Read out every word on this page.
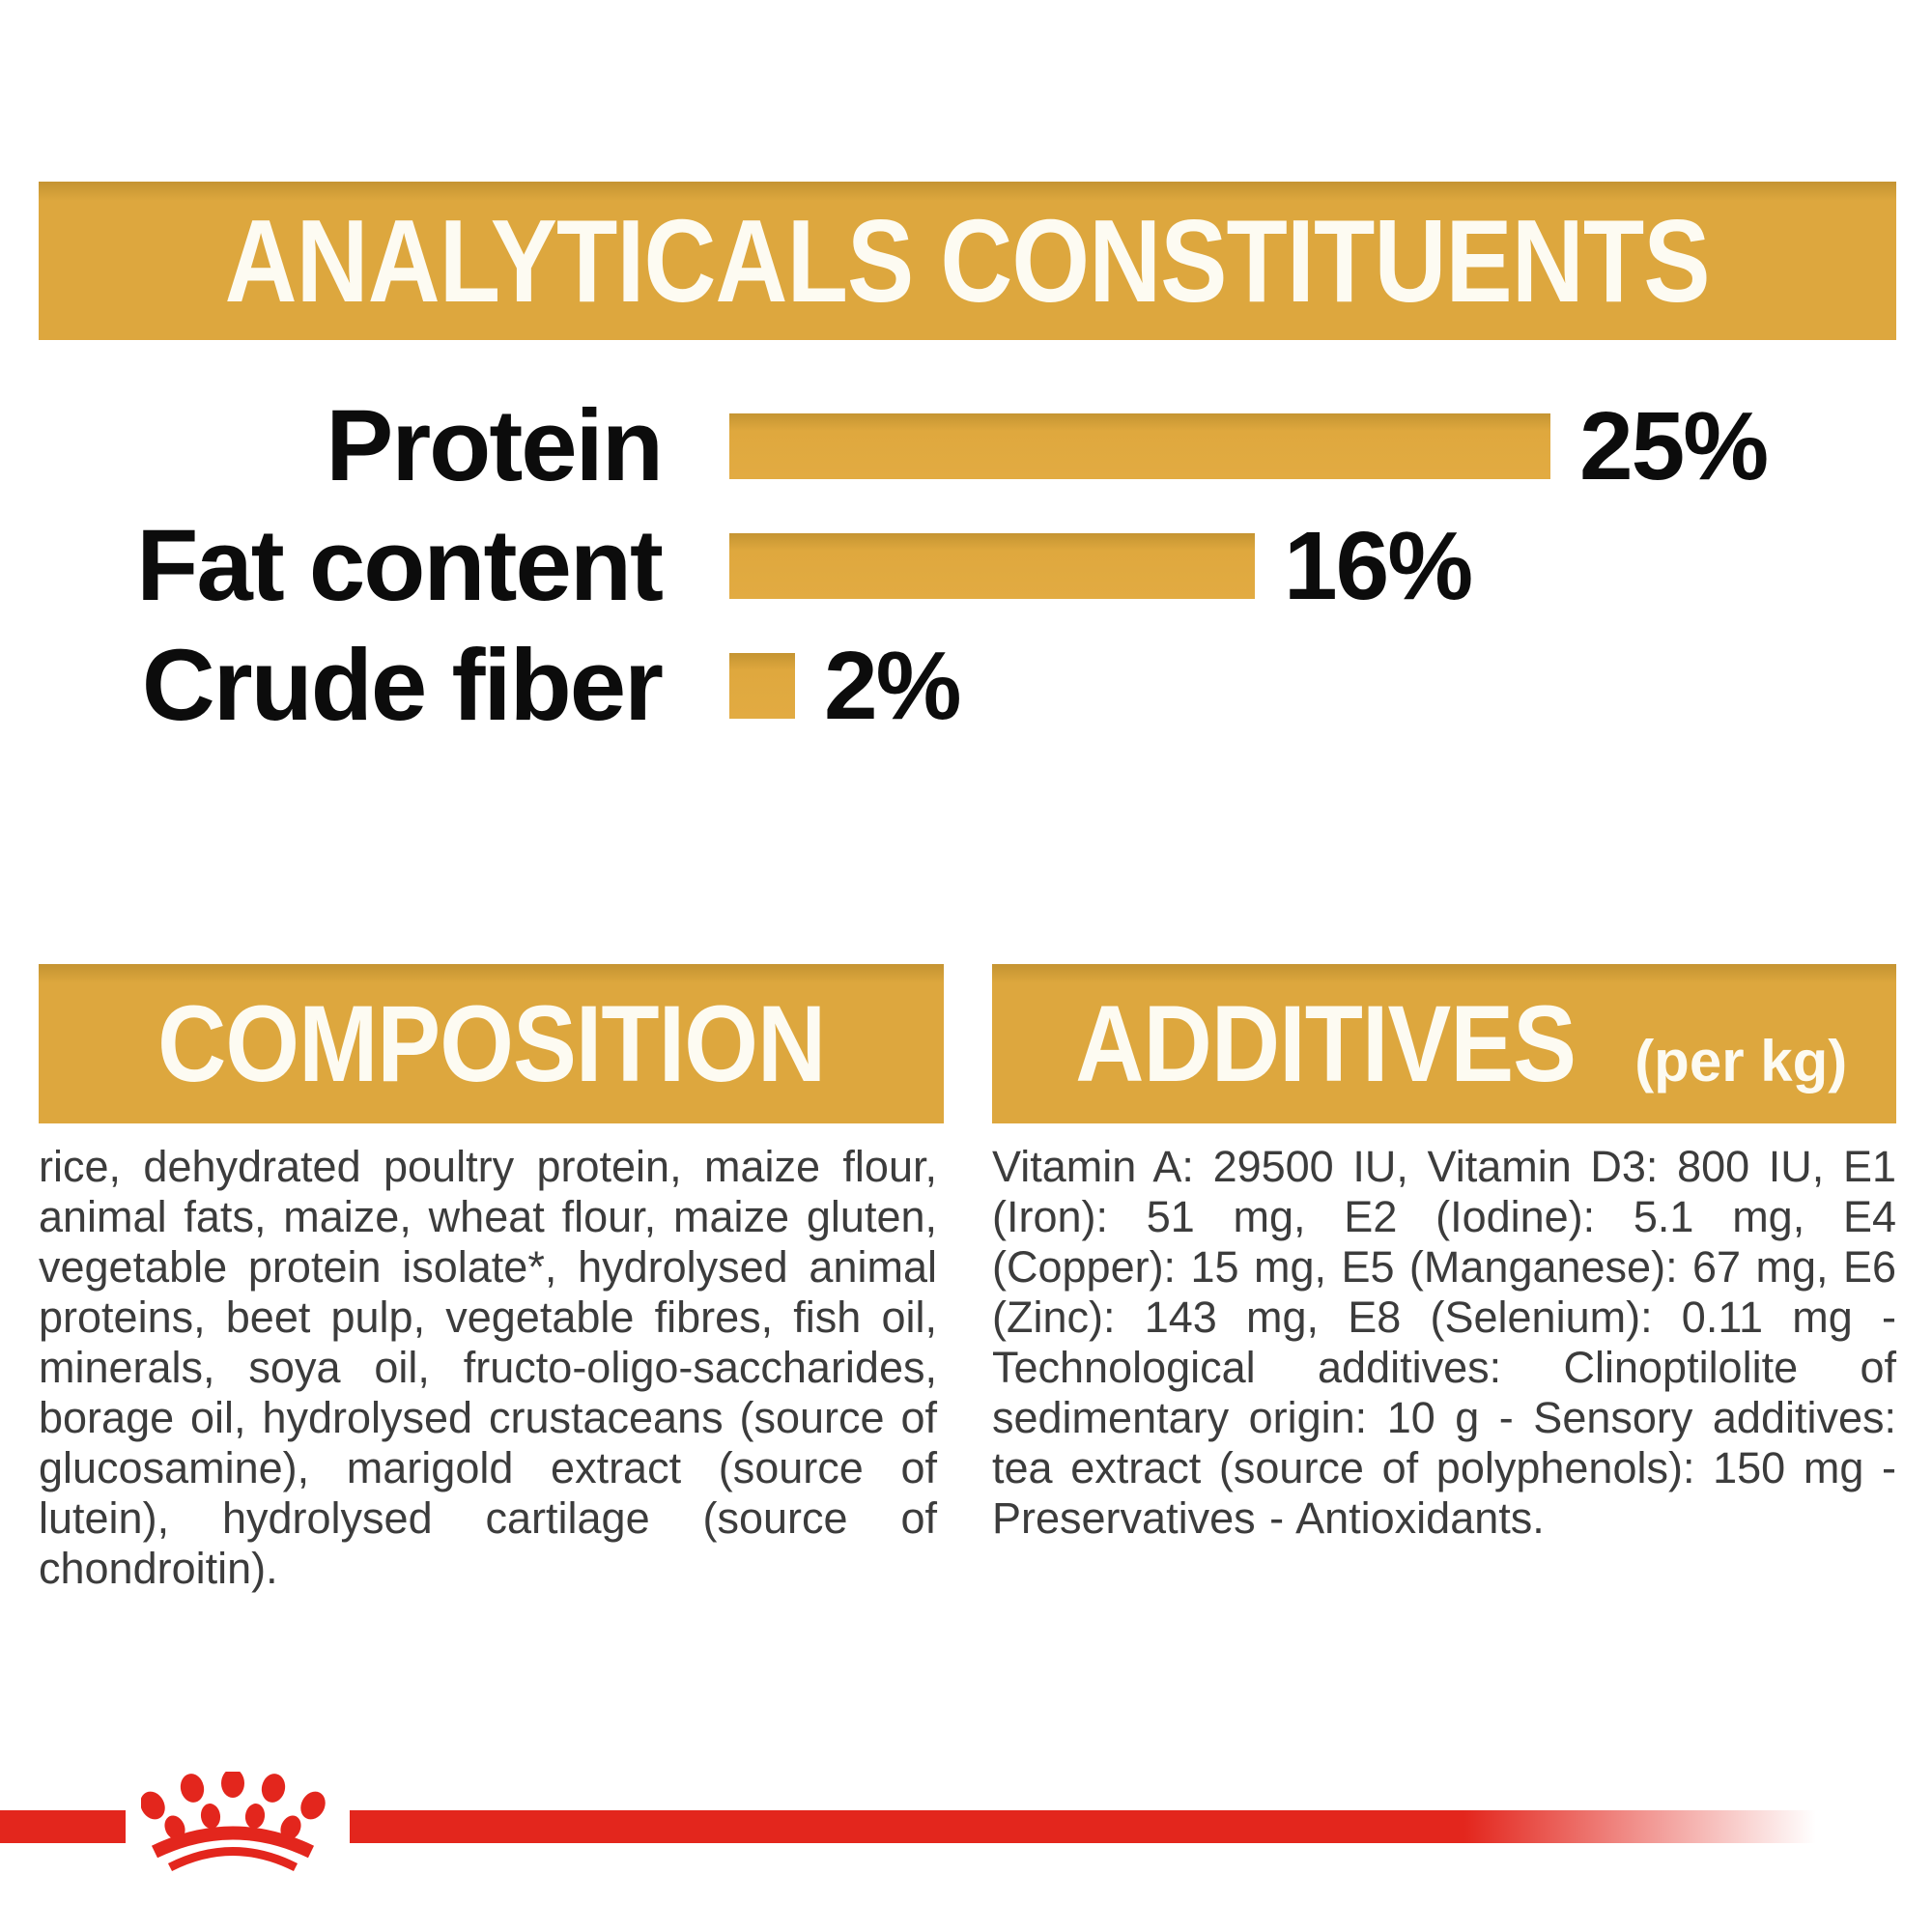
ANALYTICALS CONSTITUENTS
Protein	25%
Fat content	16%
Crude fiber 2%
COMPOSITION

rice, dehydrated poultry protein, maize flour, animal fats, maize, wheat flour, maize gluten, vegetable protein isolate*, hydrolysed animal proteins, beet pulp, vegetable fibres, fish oil, minerals, soya oil, fructo-oligo-saccharides, borage oil, hydrolysed crustaceans (source of glucosamine), marigold extract (source of lutein), hydrolysed cartilage (source of chondroitin).

ADDITIVES (per kg)

Vitamin A: 29500 IU, Vitamin D3: 800 IU, E1 (Iron): 51 mg, E2 (Iodine): 5.1 mg, E4 (Copper): 15 mg, E5 (Manganese): 67 mg, E6 (Zinc): 143 mg, E8 (Selenium): 0.11 mg - Technological additives: Clinoptilolite of sedimentary origin: 10 g - Sensory additives: tea extract (source of polyphenols): 150 mg - Preservatives - Antioxidants.
